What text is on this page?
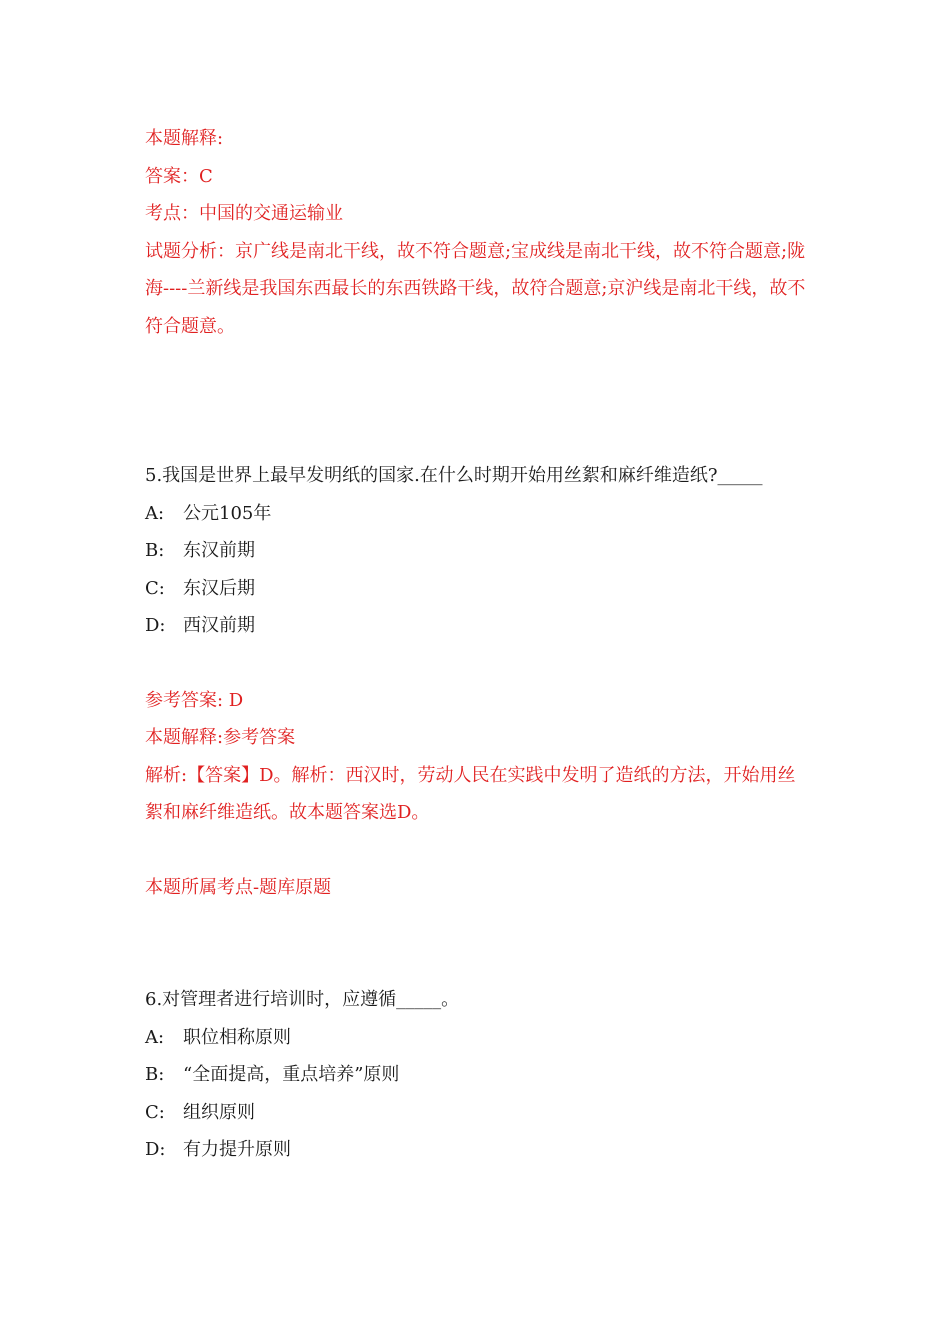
本题解释:
答案：C
考点：中国的交通运输业
试题分析：京广线是南北干线，故不符合题意;宝成线是南北干线，故不符合题意;陇海----兰新线是我国东西最长的东西铁路干线，故符合题意;京沪线是南北干线，故不符合题意。
5.我国是世界上最早发明纸的国家.在什么时期开始用丝絮和麻纤维造纸?_____
A: 公元105年
B: 东汉前期
C: 东汉后期
D: 西汉前期
参考答案: D
本题解释:参考答案
解析:【答案】D。解析：西汉时，劳动人民在实践中发明了造纸的方法，开始用丝絮和麻纤维造纸。故本题答案选D。
本题所属考点-题库原题
6.对管理者进行培训时，应遵循_____。
A: 职位相称原则
B: “全面提高，重点培养”原则
C: 组织原则
D: 有力提升原则
